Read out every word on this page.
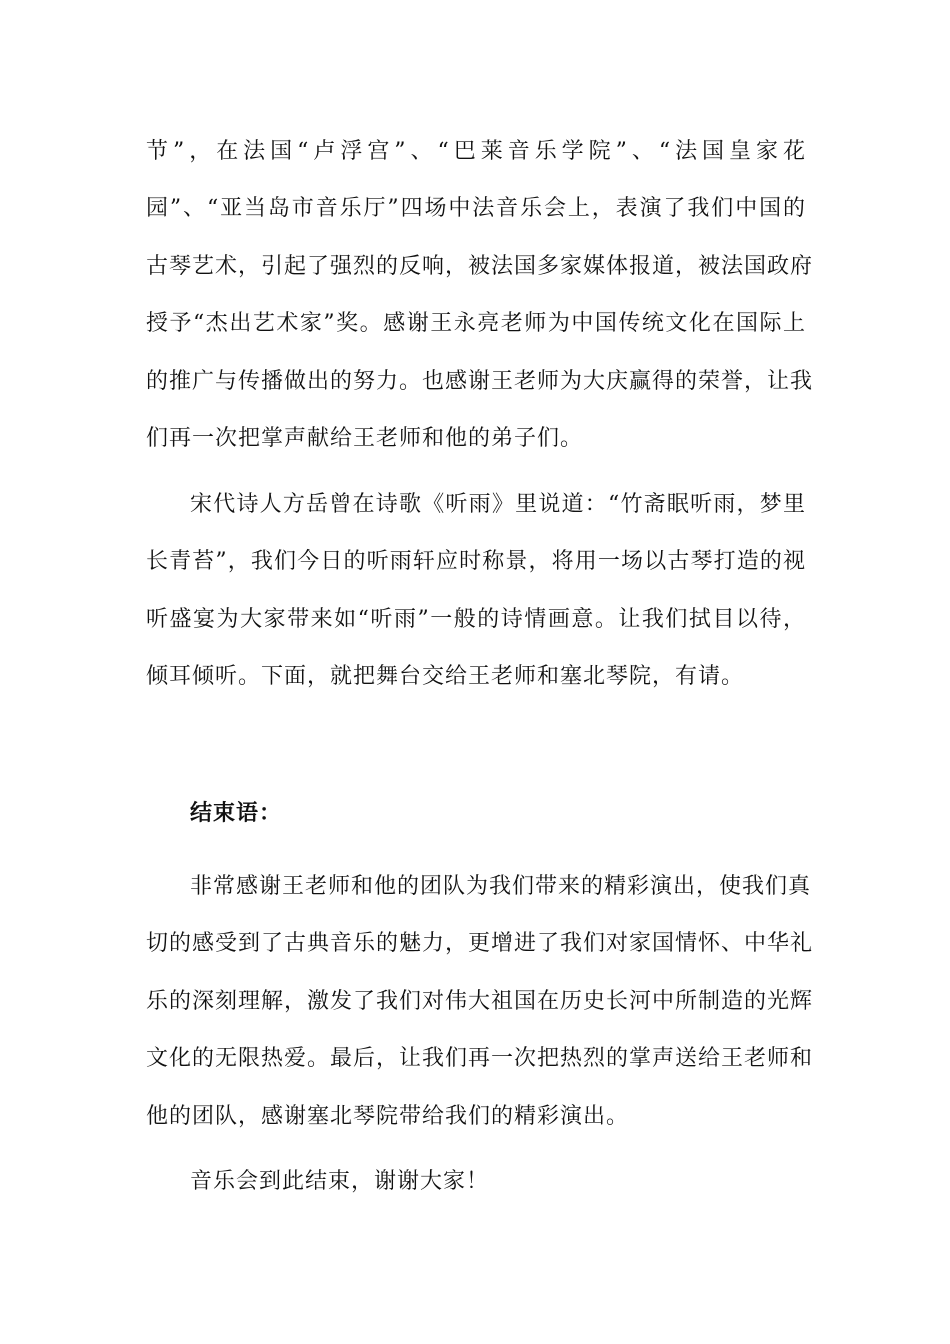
节”，在法国“卢浮宫”、“巴莱音乐学院”、“法国皇家花
园”、“亚当岛市音乐厅”四场中法音乐会上，表演了我们中国的
古琴艺术，引起了强烈的反响，被法国多家媒体报道，被法国政府
授予“杰出艺术家”奖。感谢王永亮老师为中国传统文化在国际上
的推广与传播做出的努力。也感谢王老师为大庆赢得的荣誉，让我
们再一次把掌声献给王老师和他的弟子们。
宋代诗人方岳曾在诗歌《听雨》里说道：“竹斋眠听雨，梦里
长青苔”，我们今日的听雨轩应时称景，将用一场以古琴打造的视
听盛宴为大家带来如“听雨”一般的诗情画意。让我们拭目以待，
倾耳倾听。下面，就把舞台交给王老师和塞北琴院，有请。
结束语：
非常感谢王老师和他的团队为我们带来的精彩演出，使我们真
切的感受到了古典音乐的魅力，更增进了我们对家国情怀、中华礼
乐的深刻理解，激发了我们对伟大祖国在历史长河中所制造的光辉
文化的无限热爱。最后，让我们再一次把热烈的掌声送给王老师和
他的团队，感谢塞北琴院带给我们的精彩演出。
音乐会到此结束，谢谢大家！
